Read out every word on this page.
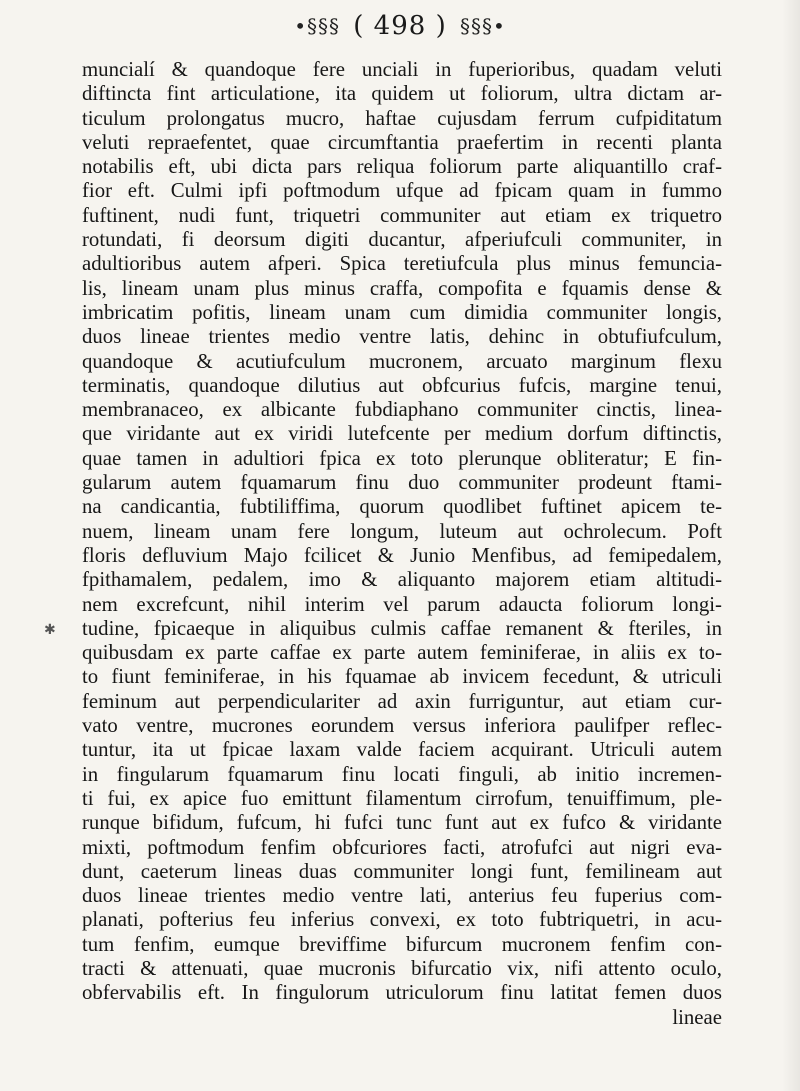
•§§§ ( 498 ) §§§•
✱
muncialí & quandoque fere unciali in fuperioribus, quadam veluti
diftincta fint articulatione, ita quidem ut foliorum, ultra dictam ar-
ticulum prolongatus mucro, haftae cujusdam ferrum cufpiditatum
veluti repraefentet, quae circumftantia praefertim in recenti planta
notabilis eft, ubi dicta pars reliqua foliorum parte aliquantillo craf-
fior eft. Culmi ipfi poftmodum ufque ad fpicam quam in fummo
fuftinent, nudi funt, triquetri communiter aut etiam ex triquetro
rotundati, fi deorsum digiti ducantur, afperiufculi communiter, in
adultioribus autem afperi. Spica teretiufcula plus minus femuncia-
lis, lineam unam plus minus craffa, compofita e fquamis dense &
imbricatim pofitis, lineam unam cum dimidia communiter longis,
duos lineae trientes medio ventre latis, dehinc in obtufiufculum,
quandoque & acutiufculum mucronem, arcuato marginum flexu
terminatis, quandoque dilutius aut obfcurius fufcis, margine tenui,
membranaceo, ex albicante fubdiaphano communiter cinctis, linea-
que viridante aut ex viridi lutefcente per medium dorfum diftinctis,
quae tamen in adultiori fpica ex toto plerunque obliteratur; E fin-
gularum autem fquamarum finu duo communiter prodeunt ftami-
na candicantia, fubtiliffima, quorum quodlibet fuftinet apicem te-
nuem, lineam unam fere longum, luteum aut ochrolecum. Poft
floris defluvium Majo fcilicet & Junio Menfibus, ad femipedalem,
fpithamalem, pedalem, imo & aliquanto majorem etiam altitudi-
nem excrefcunt, nihil interim vel parum adaucta foliorum longi-
tudine, fpicaeque in aliquibus culmis caffae remanent & fteriles, in
quibusdam ex parte caffae ex parte autem feminiferae, in aliis ex to-
to fiunt feminiferae, in his fquamae ab invicem fecedunt, & utriculi
feminum aut perpendiculariter ad axin furriguntur, aut etiam cur-
vato ventre, mucrones eorundem versus inferiora paulifper reflec-
tuntur, ita ut fpicae laxam valde faciem acquirant. Utriculi autem
in fingularum fquamarum finu locati finguli, ab initio incremen-
ti fui, ex apice fuo emittunt filamentum cirrofum, tenuiffimum, ple-
runque bifidum, fufcum, hi fufci tunc funt aut ex fufco & viridante
mixti, poftmodum fenfim obfcuriores facti, atrofufci aut nigri eva-
dunt, caeterum lineas duas communiter longi funt, femilineam aut
duos lineae trientes medio ventre lati, anterius feu fuperius com-
planati, pofterius feu inferius convexi, ex toto fubtriquetri, in acu-
tum fenfim, eumque breviffime bifurcum mucronem fenfim con-
tracti & attenuati, quae mucronis bifurcatio vix, nifi attento oculo,
obfervabilis eft. In fingulorum utriculorum finu latitat femen duos
lineae
